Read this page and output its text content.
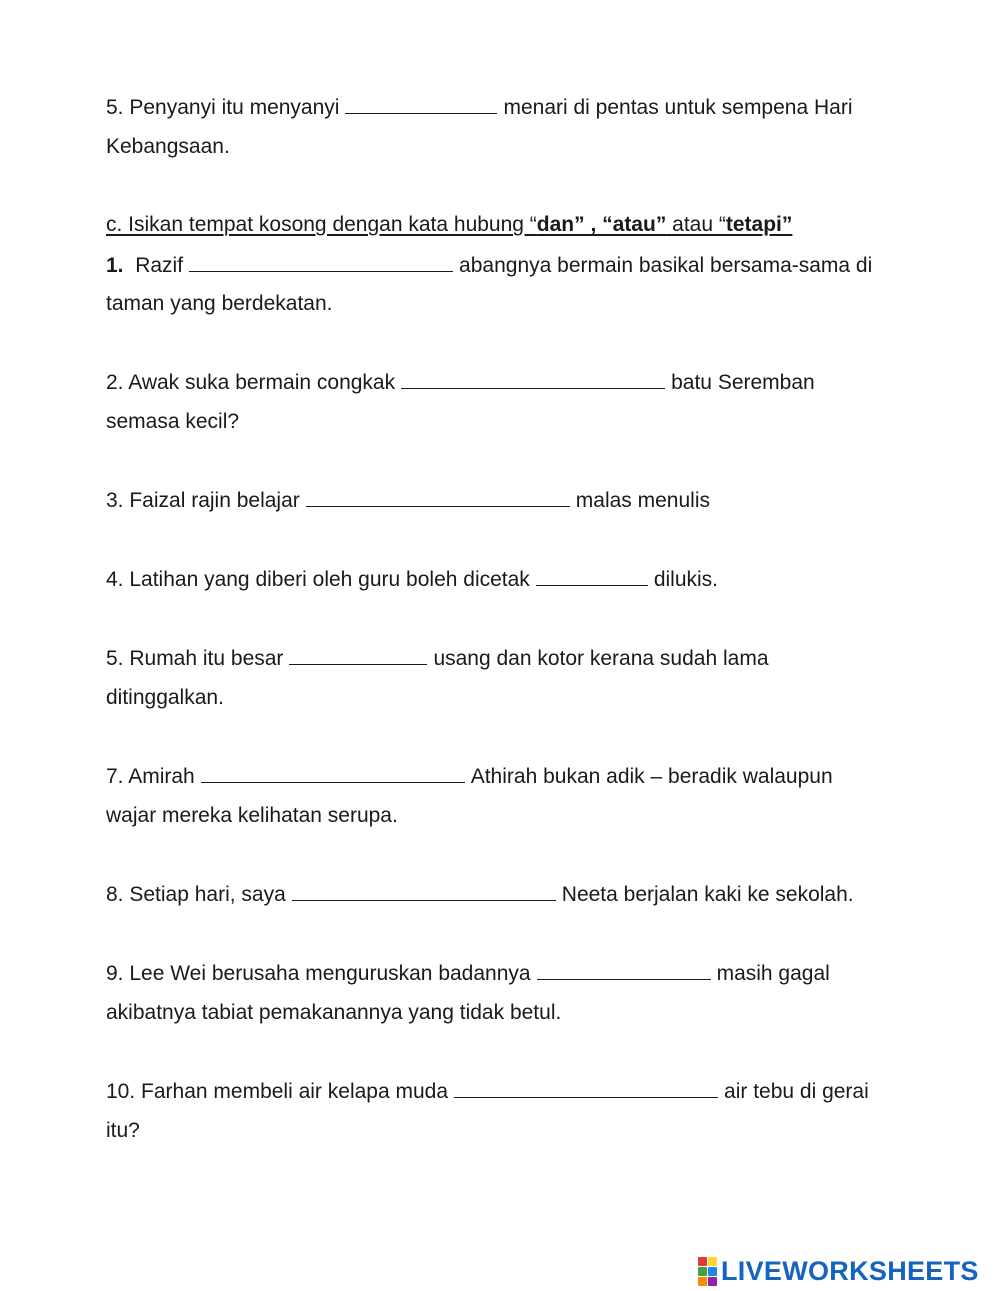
5. Penyanyi itu menyanyi	menari di pentas untuk sempena Hari
Kebangsaan.
c. Isikan tempat kosong dengan kata hubung “dan” , “atau” atau “tetapi”
1. Razif	abangnya bermain basikal bersama-sama di
taman yang berdekatan.
2. Awak suka bermain congkak	batu Seremban
semasa kecil?
3. Faizal rajin belajar	malas menulis
4. Latihan yang diberi oleh guru boleh dicetak	dilukis.
5. Rumah itu besar	usang dan kotor kerana sudah lama
ditinggalkan.
7. Amirah	Athirah bukan adik – beradik walaupun
wajar mereka kelihatan serupa.
8. Setiap hari, saya	Neeta berjalan kaki ke sekolah.
9. Lee Wei berusaha menguruskan badannya	masih gagal
akibatnya tabiat pemakanannya yang tidak betul.
10. Farhan membeli air kelapa muda	air tebu di gerai
itu?
LIVEWORKSHEETS
